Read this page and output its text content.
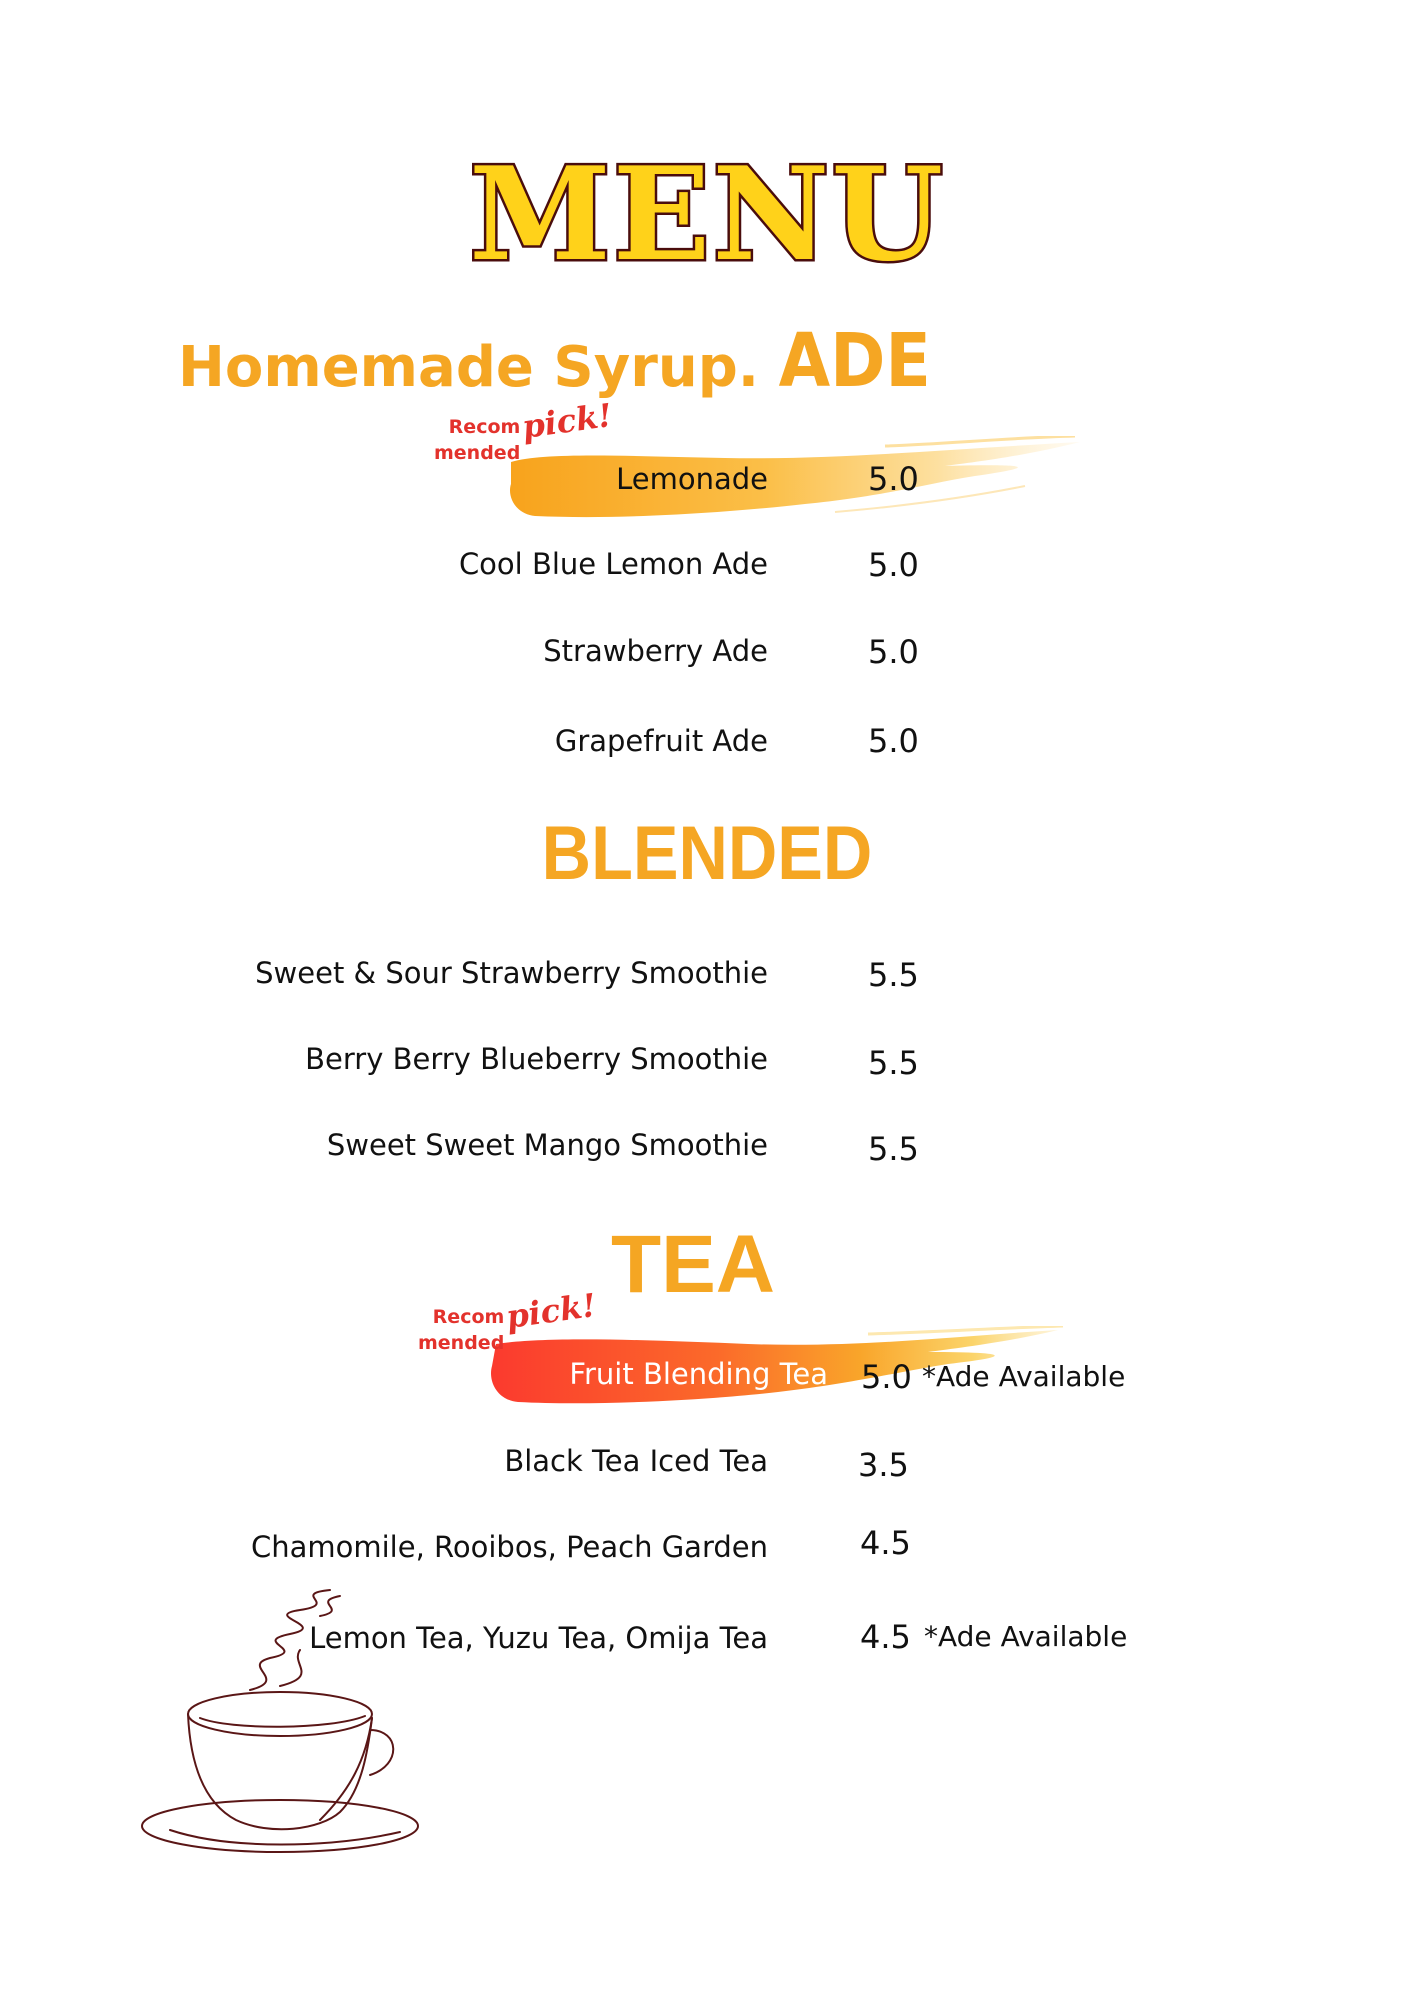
MENU
Homemade Syrup. ADE
Recom
mended
pick!
Lemonade	5.0
Cool Blue Lemon Ade	5.0
Strawberry Ade	5.0
Grapefruit Ade	5.0
BLENDED
Sweet & Sour Strawberry Smoothie	5.5
Berry Berry Blueberry Smoothie	5.5
Sweet Sweet Mango Smoothie	5.5
TEA
Recom
mended
pick!
Fruit Blending Tea 5.0 *Ade Available
Black Tea Iced Tea	3.5
Chamomile, Rooibos, Peach Garden	4.5
Lemon Tea, Yuzu Tea, Omija Tea	4.5 *Ade Available
